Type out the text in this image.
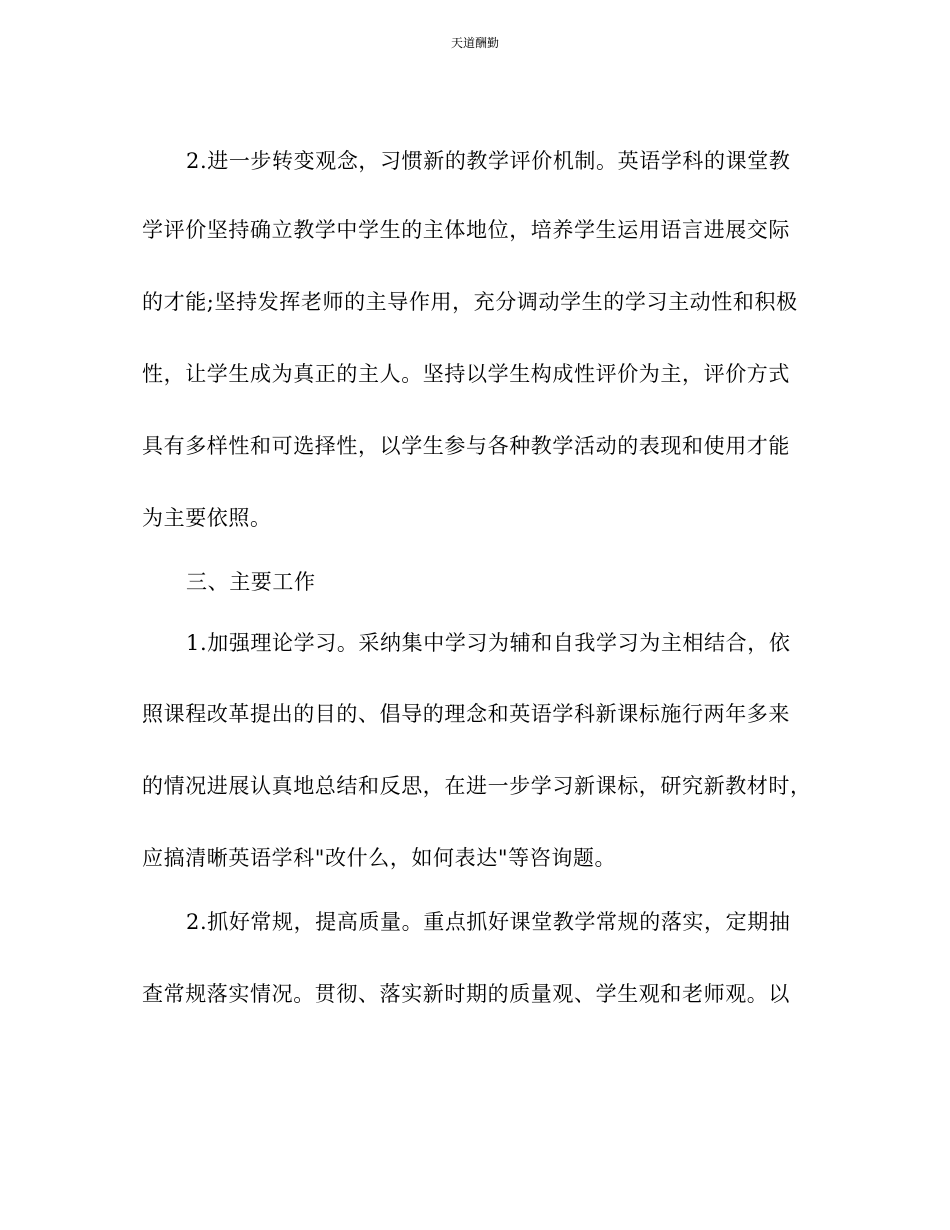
天道酬勤
2.进一步转变观念，习惯新的教学评价机制。英语学科的课堂教
学评价坚持确立教学中学生的主体地位，培养学生运用语言进展交际
的才能;坚持发挥老师的主导作用，充分调动学生的学习主动性和积极
性，让学生成为真正的主人。坚持以学生构成性评价为主，评价方式
具有多样性和可选择性，以学生参与各种教学活动的表现和使用才能
为主要依照。
三、主要工作
1.加强理论学习。采纳集中学习为辅和自我学习为主相结合，依
照课程改革提出的目的、倡导的理念和英语学科新课标施行两年多来
的情况进展认真地总结和反思，在进一步学习新课标，研究新教材时，
应搞清晰英语学科"改什么，如何表达"等咨询题。
2.抓好常规，提高质量。重点抓好课堂教学常规的落实，定期抽
查常规落实情况。贯彻、落实新时期的质量观、学生观和老师观。以
